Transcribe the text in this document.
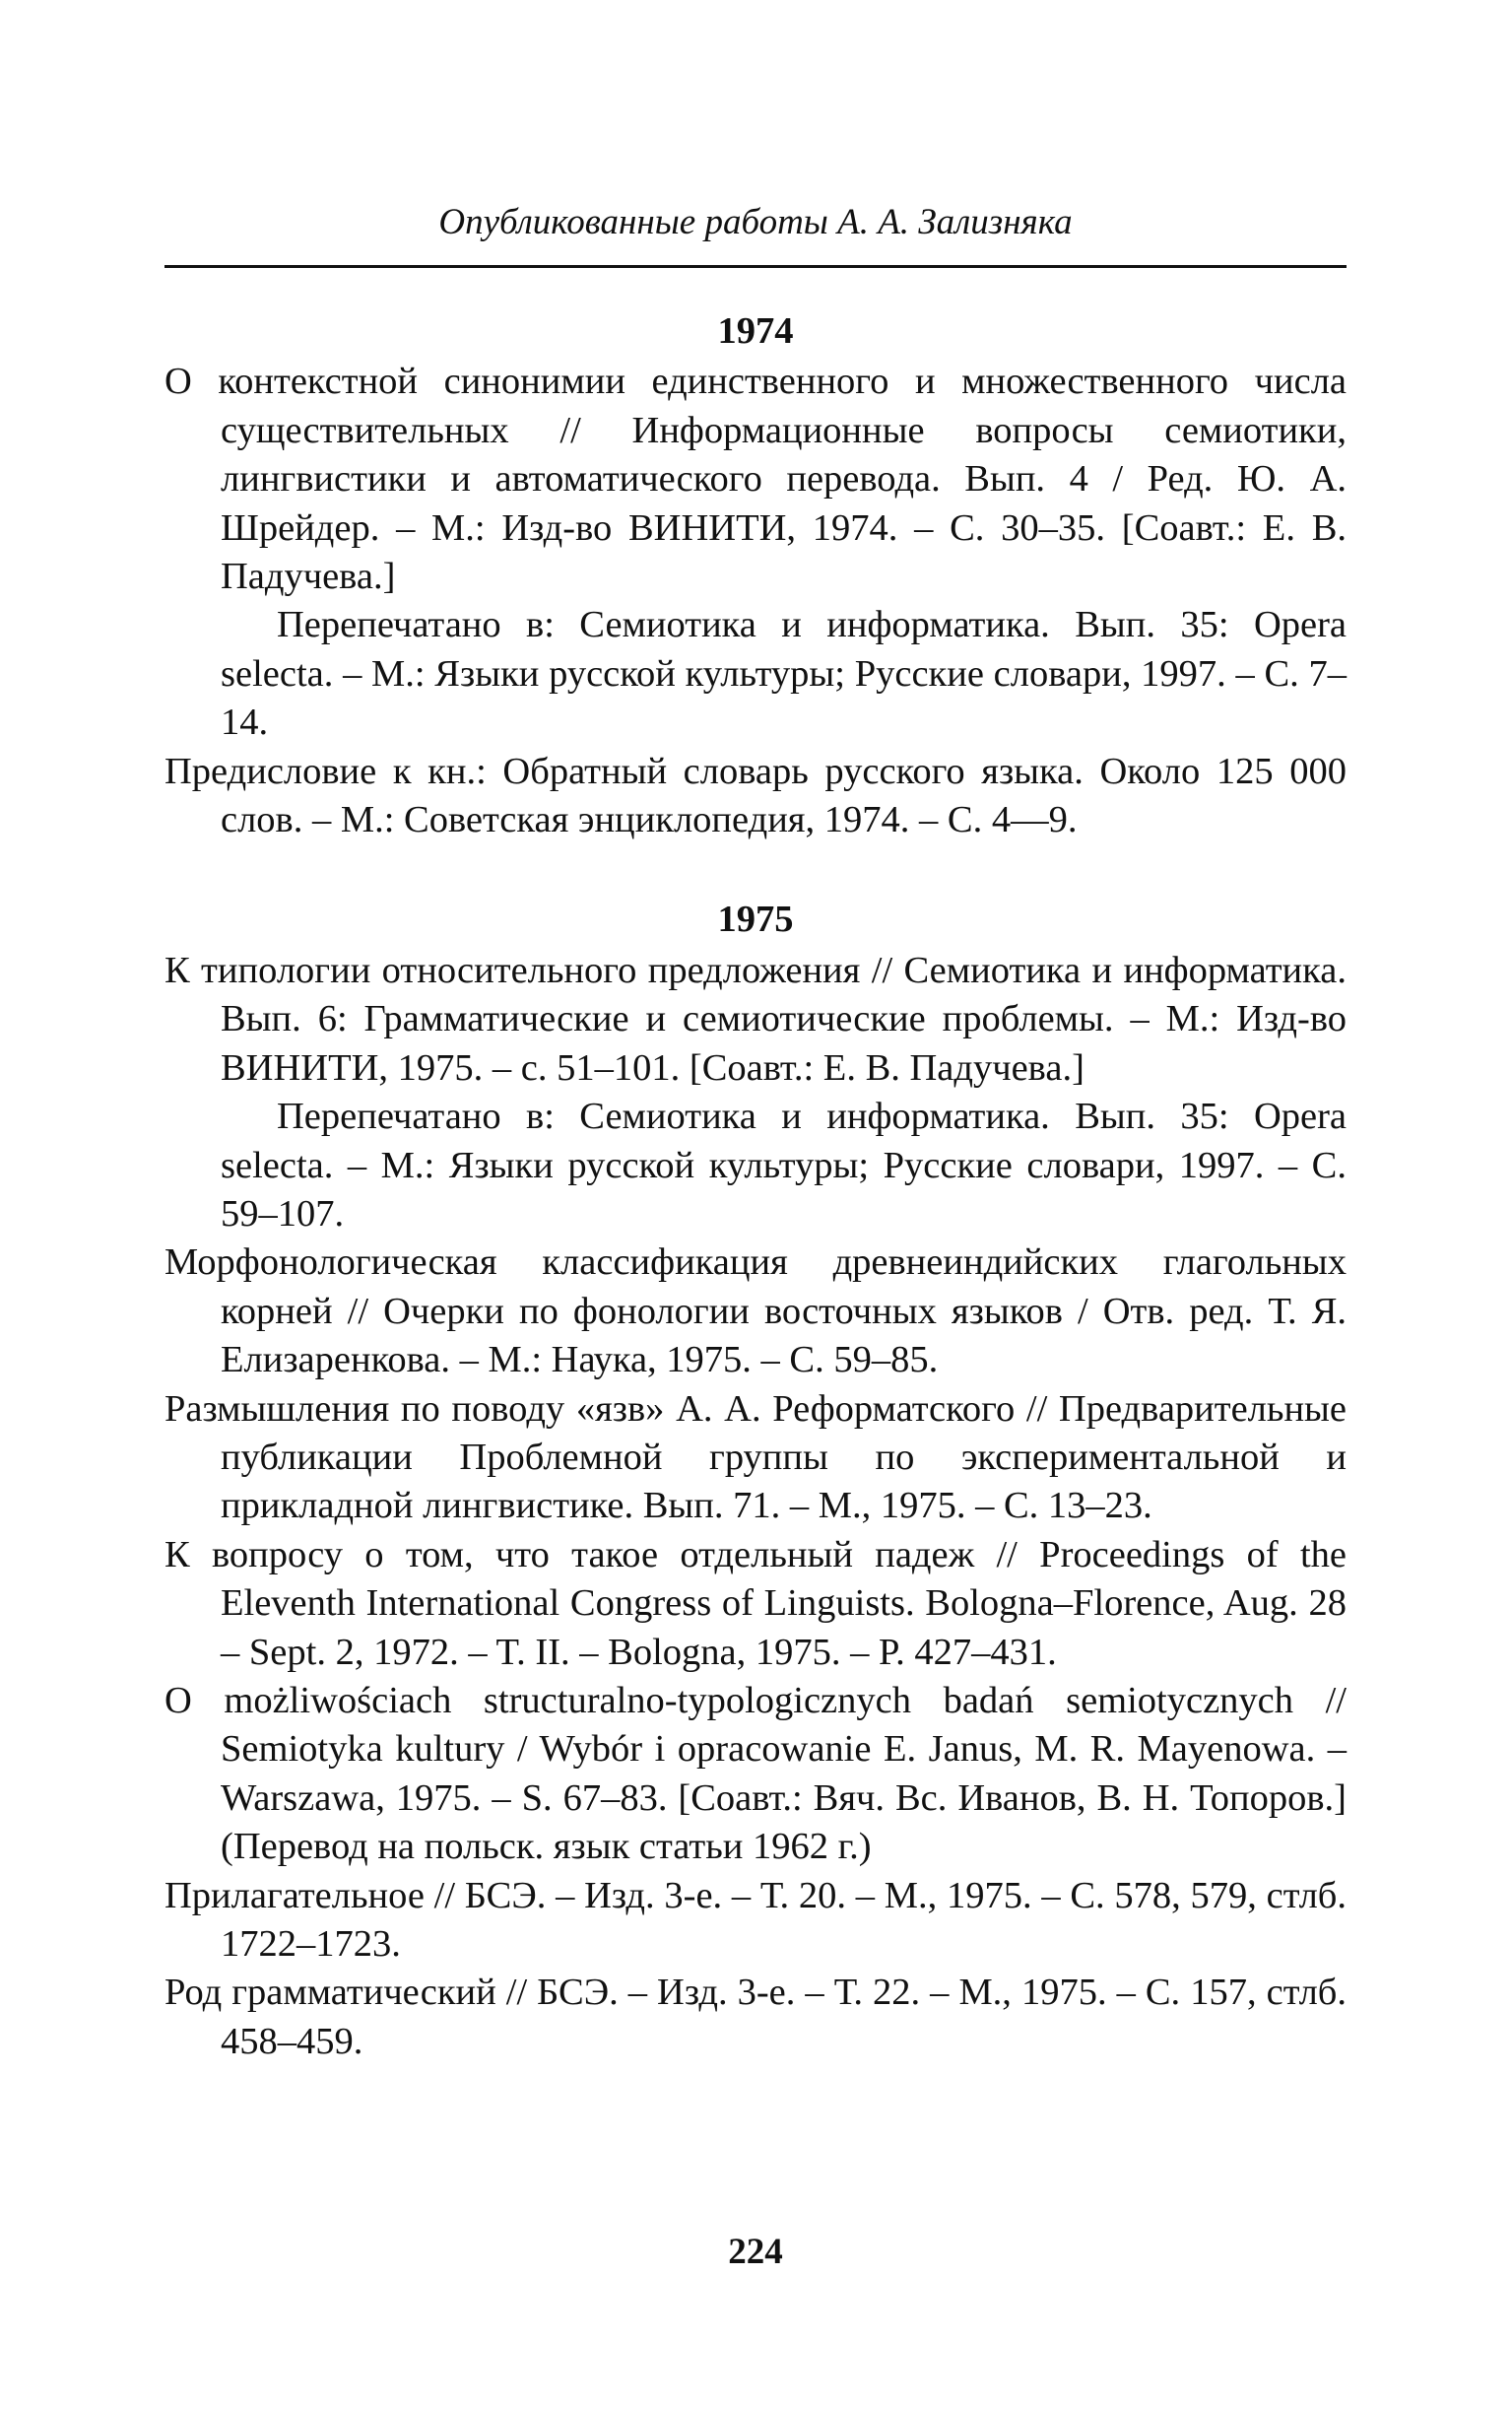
Опубликованные работы А. А. Зализняка

1974

О контекстной синонимии единственного и множественного числа существительных // Информационные вопросы семиотики, лингвистики и автоматического перевода. Вып. 4 / Ред. Ю. А. Шрейдер. – М.: Изд-во ВИНИТИ, 1974. – С. 30–35. [Соавт.: Е. В. Падучева.]

Перепечатано в: Семиотика и информатика. Вып. 35: Opera selecta. – М.: Языки русской культуры; Русские словари, 1997. – С. 7–14.

Предисловие к кн.: Обратный словарь русского языка. Около 125 000 слов. – М.: Советская энциклопедия, 1974. – С. 4—9.

1975

К типологии относительного предложения // Семиотика и информатика. Вып. 6: Грамматические и семиотические проблемы. – М.: Изд-во ВИНИТИ, 1975. – с. 51–101. [Соавт.: Е. В. Падучева.]

Перепечатано в: Семиотика и информатика. Вып. 35: Opera selecta. – М.: Языки русской культуры; Русские словари, 1997. – С. 59–107.

Морфонологическая классификация древнеиндийских глагольных корней // Очерки по фонологии восточных языков / Отв. ред. Т. Я. Елизаренкова. – М.: Наука, 1975. – С. 59–85.

Размышления по поводу «язв» А. А. Реформатского // Предварительные публикации Проблемной группы по экспериментальной и прикладной лингвистике. Вып. 71. – М., 1975. – С. 13–23.

К вопросу о том, что такое отдельный падеж // Proceedings of the Eleventh International Congress of Linguists. Bologna–Florence, Aug. 28 – Sept. 2, 1972. – T. II. – Bologna, 1975. – P. 427–431.

O możliwościach structuralno-typologicznych badań semiotycznych // Semiotyka kultury / Wybór i opracowanie E. Janus, M. R. Mayenowa. – Warszawa, 1975. – S. 67–83. [Соавт.: Вяч. Вс. Иванов, В. Н. Топоров.] (Перевод на польск. язык статьи 1962 г.)

Прилагательное // БСЭ. – Изд. 3-е. – Т. 20. – М., 1975. – С. 578, 579, стлб. 1722–1723.

Род грамматический // БСЭ. – Изд. 3-е. – Т. 22. – М., 1975. – С. 157, стлб. 458–459.

224
